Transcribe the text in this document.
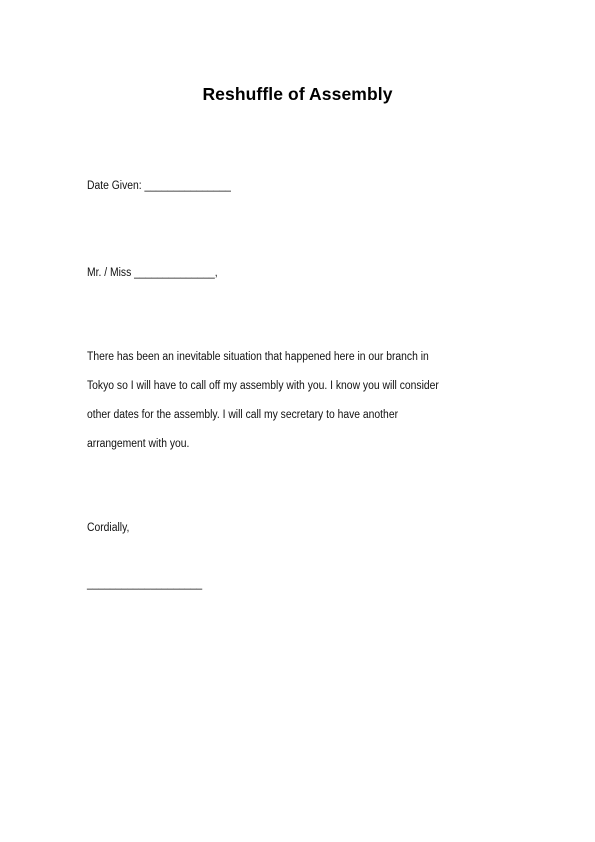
Reshuffle of Assembly
Date Given: _______________
Mr. / Miss ______________,
There has been an inevitable situation that happened here in our branch in
Tokyo so I will have to call off my assembly with you. I know you will consider
other dates for the assembly. I will call my secretary to have another
arrangement with you.
Cordially,
____________________
